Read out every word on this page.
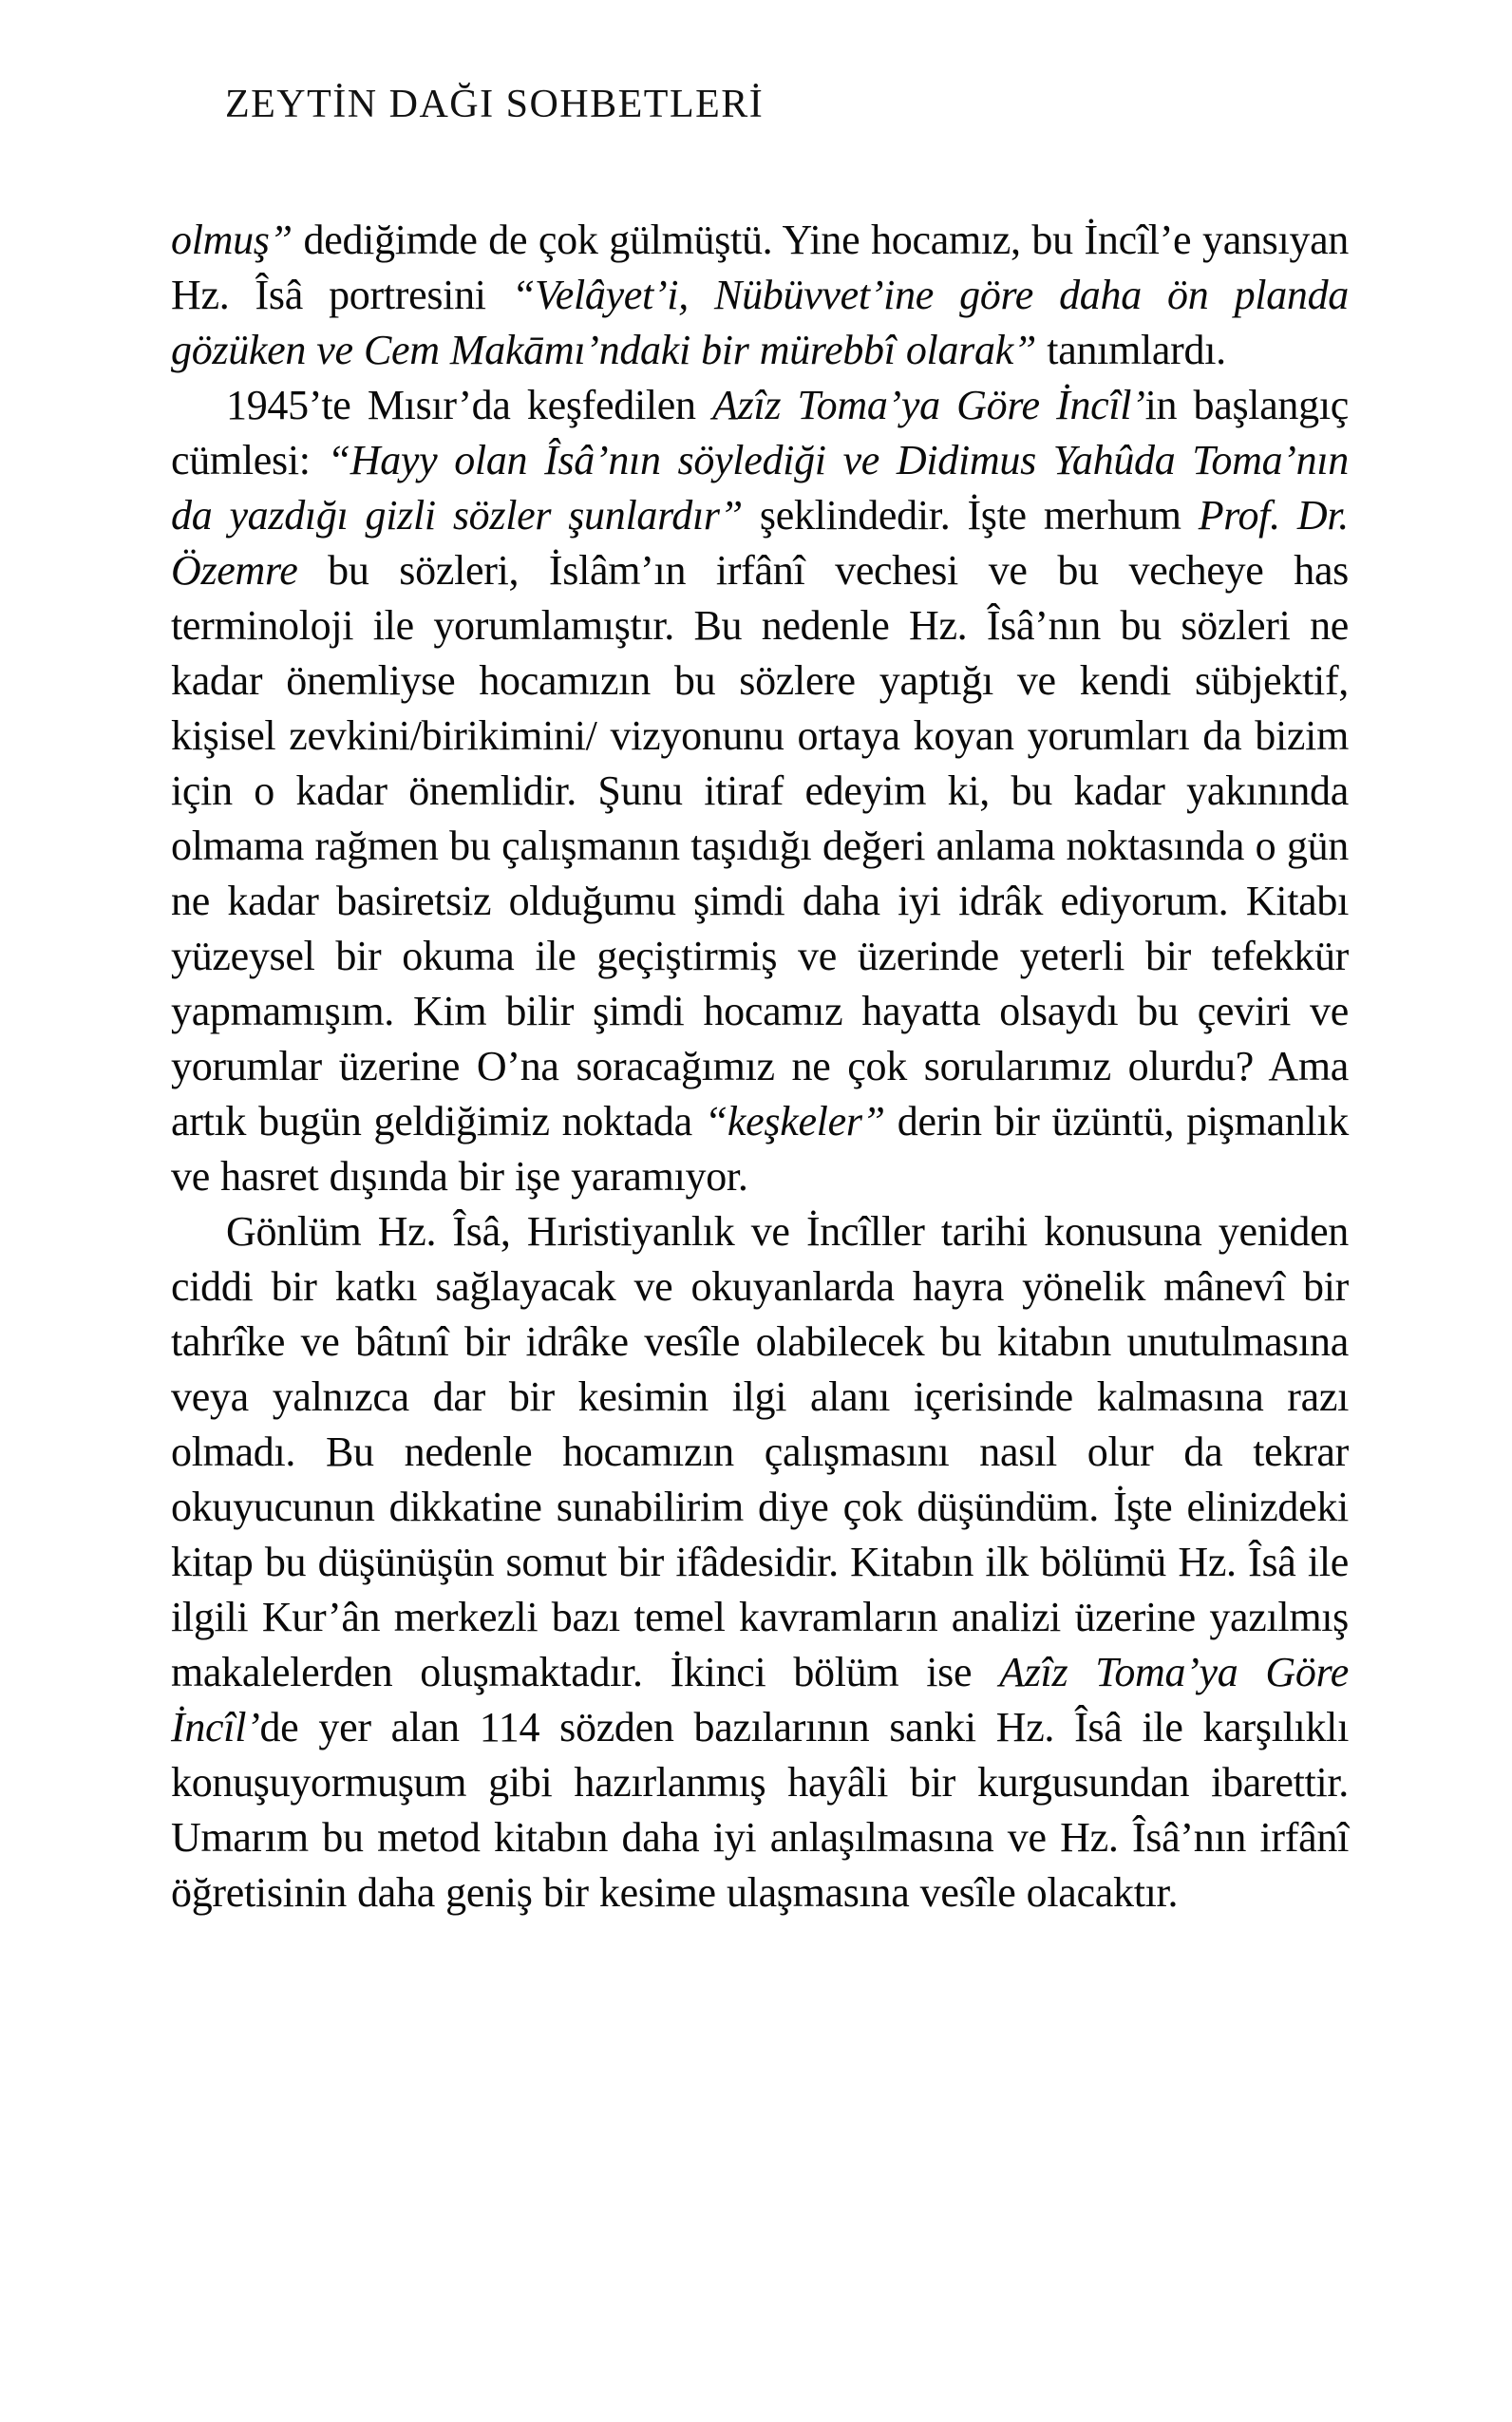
ZEYTİN DAĞI SOHBETLERİ

olmuş” dediğimde de çok gülmüştü. Yine hocamız, bu İncîl’e yansıyan Hz. Îsâ portresini “Velâyet’i, Nübüvvet’ine göre daha ön planda gözüken ve Cem Makāmı’ndaki bir mürebbî olarak” tanımlardı.

1945’te Mısır’da keşfedilen Azîz Toma’ya Göre İncîl’in başlangıç cümlesi: “Hayy olan Îsâ’nın söylediği ve Didimus Yahûda Toma’nın da yazdığı gizli sözler şunlardır” şeklindedir. İşte merhum Prof. Dr. Özemre bu sözleri, İslâm’ın irfânî vechesi ve bu vecheye has terminoloji ile yorumlamıştır. Bu nedenle Hz. Îsâ’nın bu sözleri ne kadar önemliyse hocamızın bu sözlere yaptığı ve kendi sübjektif, kişisel zevkini/birikimini/ vizyonunu ortaya koyan yorumları da bizim için o kadar önemlidir. Şunu itiraf edeyim ki, bu kadar yakınında olmama rağmen bu çalışmanın taşıdığı değeri anlama noktasında o gün ne kadar basiretsiz olduğumu şimdi daha iyi idrâk ediyorum. Kitabı yüzeysel bir okuma ile geçiştirmiş ve üzerinde yeterli bir tefekkür yapmamışım. Kim bilir şimdi hocamız hayatta olsaydı bu çeviri ve yorumlar üzerine O’na soracağımız ne çok sorularımız olurdu? Ama artık bugün geldiğimiz noktada “keşkeler” derin bir üzüntü, pişmanlık ve hasret dışında bir işe yaramıyor.

Gönlüm Hz. Îsâ, Hıristiyanlık ve İncîller tarihi konusuna yeniden ciddi bir katkı sağlayacak ve okuyanlarda hayra yönelik mânevî bir tahrîke ve bâtınî bir idrâke vesîle olabilecek bu kitabın unutulmasına veya yalnızca dar bir kesimin ilgi alanı içerisinde kalmasına razı olmadı. Bu nedenle hocamızın çalışmasını nasıl olur da tekrar okuyucunun dikkatine sunabilirim diye çok düşündüm. İşte elinizdeki kitap bu düşünüşün somut bir ifâdesidir. Kitabın ilk bölümü Hz. Îsâ ile ilgili Kur’ân merkezli bazı temel kavramların analizi üzerine yazılmış makalelerden oluşmaktadır. İkinci bölüm ise Azîz Toma’ya Göre İncîl’de yer alan 114 sözden bazılarının sanki Hz. Îsâ ile karşılıklı konuşuyormuşum gibi hazırlanmış hayâli bir kurgusundan ibarettir. Umarım bu metod kitabın daha iyi anlaşılmasına ve Hz. Îsâ’nın irfânî öğretisinin daha geniş bir kesime ulaşmasına vesîle olacaktır.
